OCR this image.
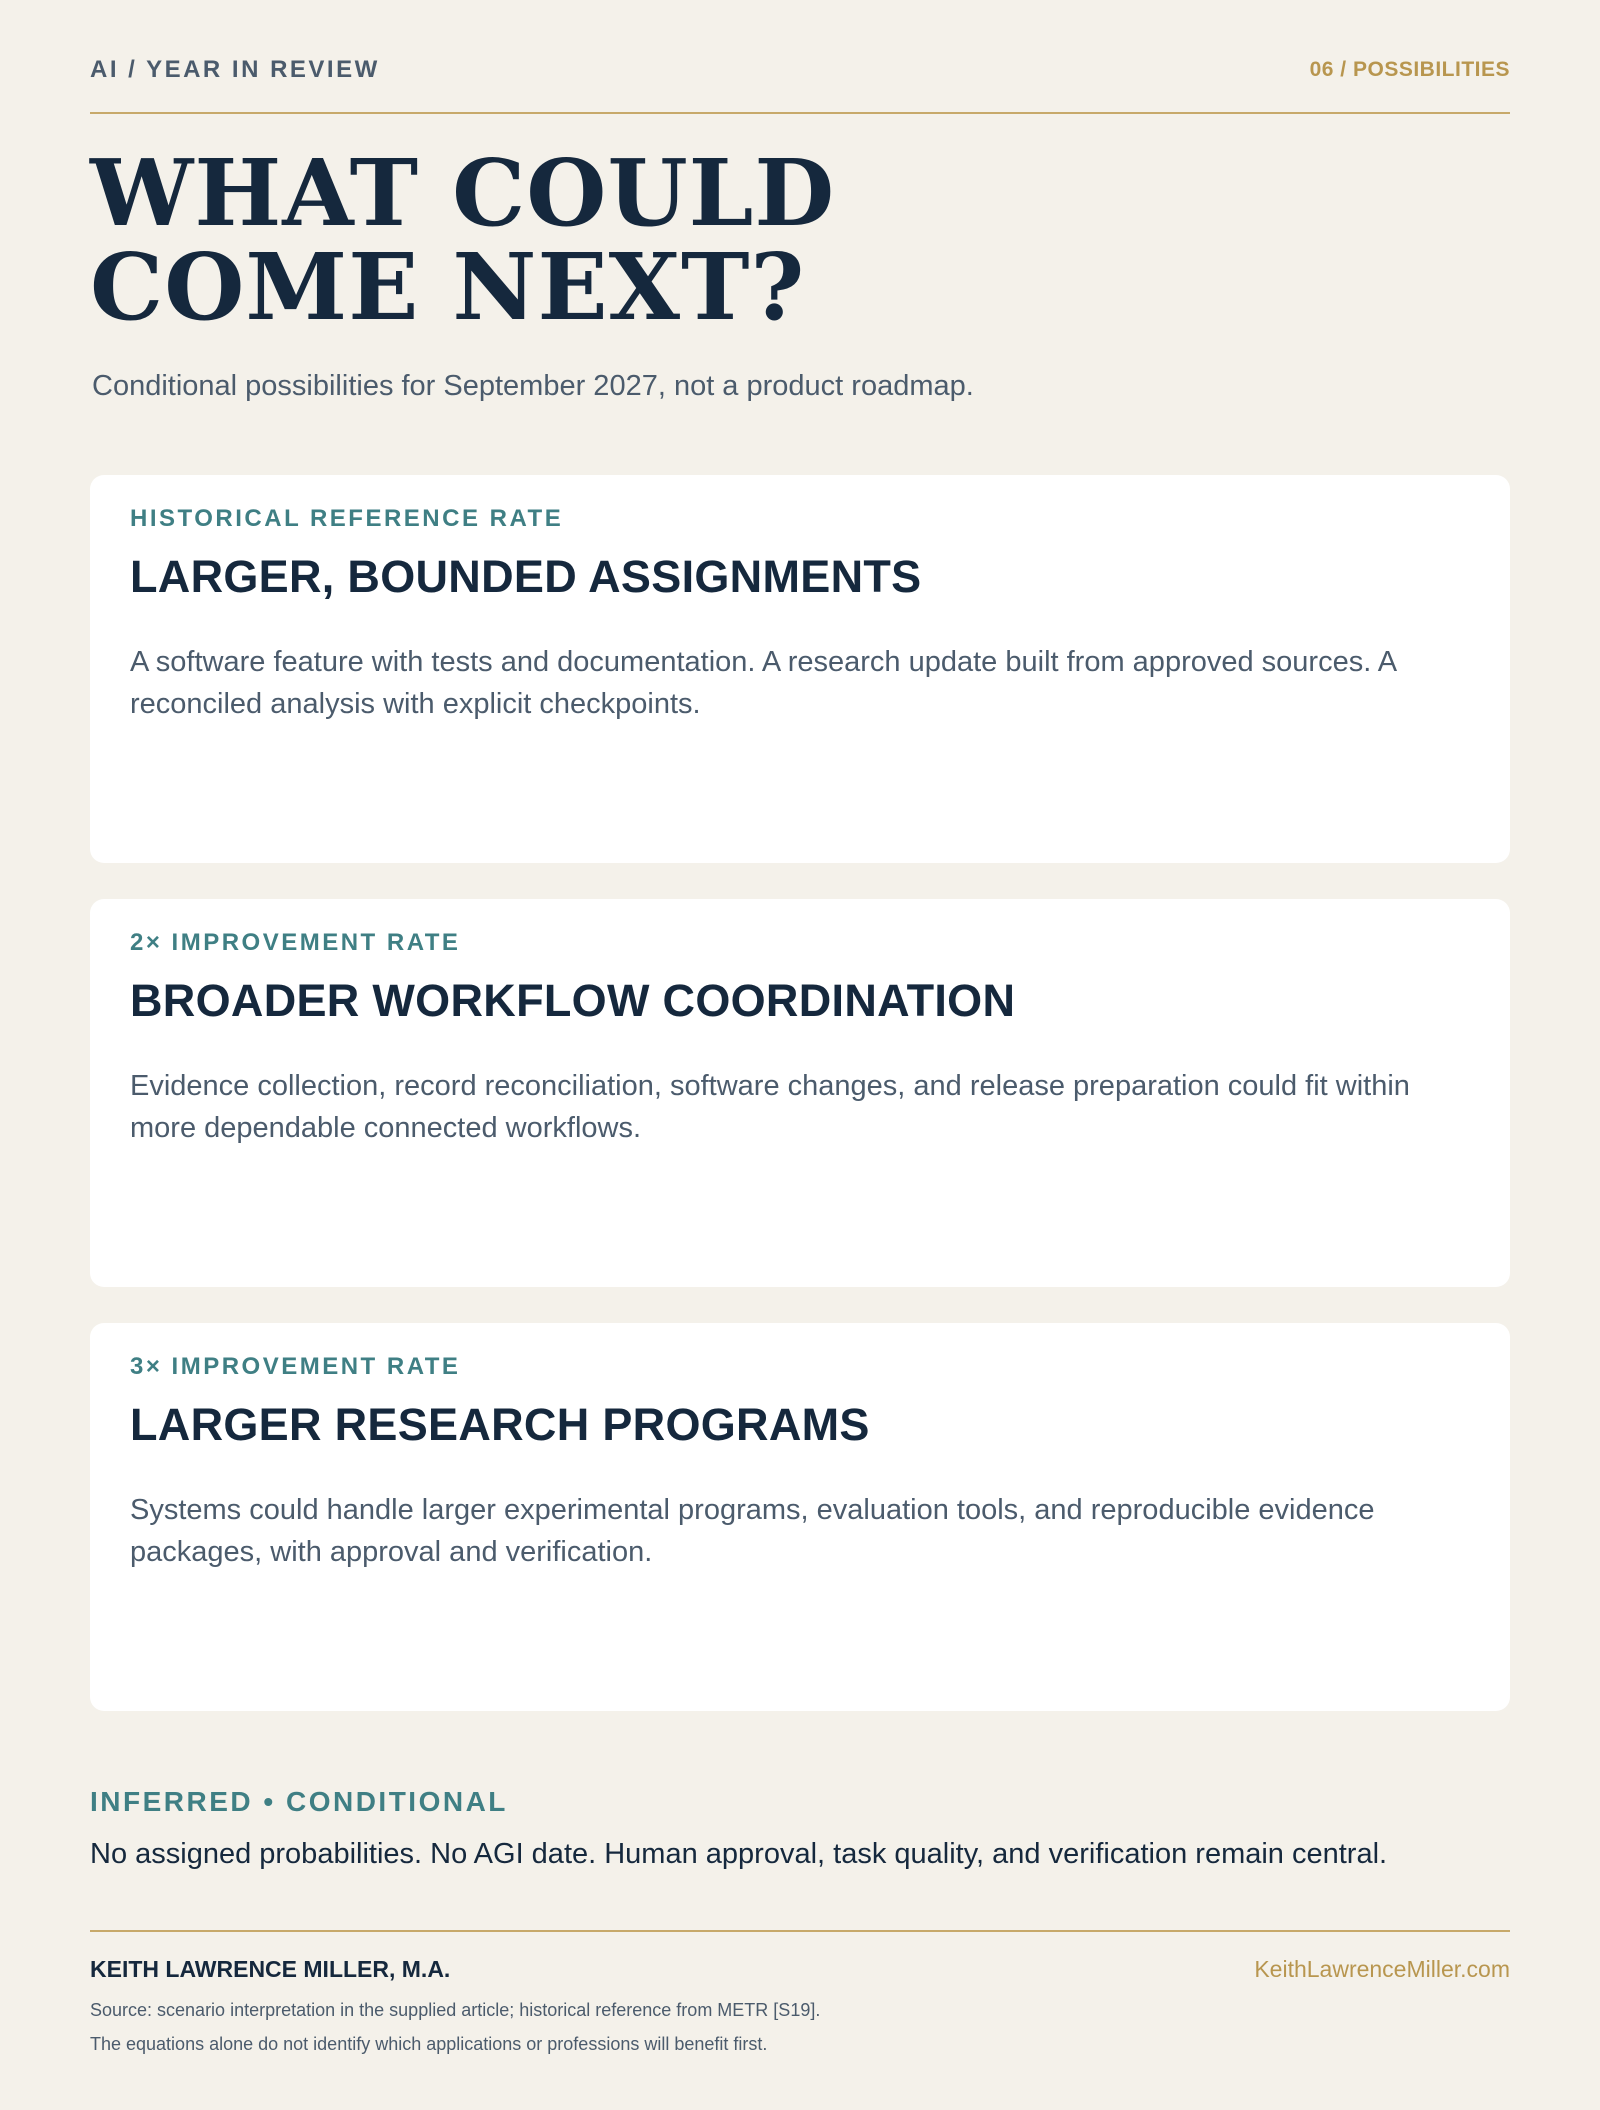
AI / YEAR IN REVIEW	06 / POSSIBILITIES
WHAT COULD
COME NEXT?
Conditional possibilities for September 2027, not a product roadmap.
HISTORICAL REFERENCE RATE
LARGER, BOUNDED ASSIGNMENTS
A software feature with tests and documentation. A research update built from approved sources. A reconciled analysis with explicit checkpoints.
2× IMPROVEMENT RATE
BROADER WORKFLOW COORDINATION
Evidence collection, record reconciliation, software changes, and release preparation could fit within more dependable connected workflows.
3× IMPROVEMENT RATE
LARGER RESEARCH PROGRAMS
Systems could handle larger experimental programs, evaluation tools, and reproducible evidence packages, with approval and verification.
INFERRED • CONDITIONAL
No assigned probabilities. No AGI date. Human approval, task quality, and verification remain central.
KEITH LAWRENCE MILLER, M.A.	KeithLawrenceMiller.com
Source: scenario interpretation in the supplied article; historical reference from METR [S19].
The equations alone do not identify which applications or professions will benefit first.
